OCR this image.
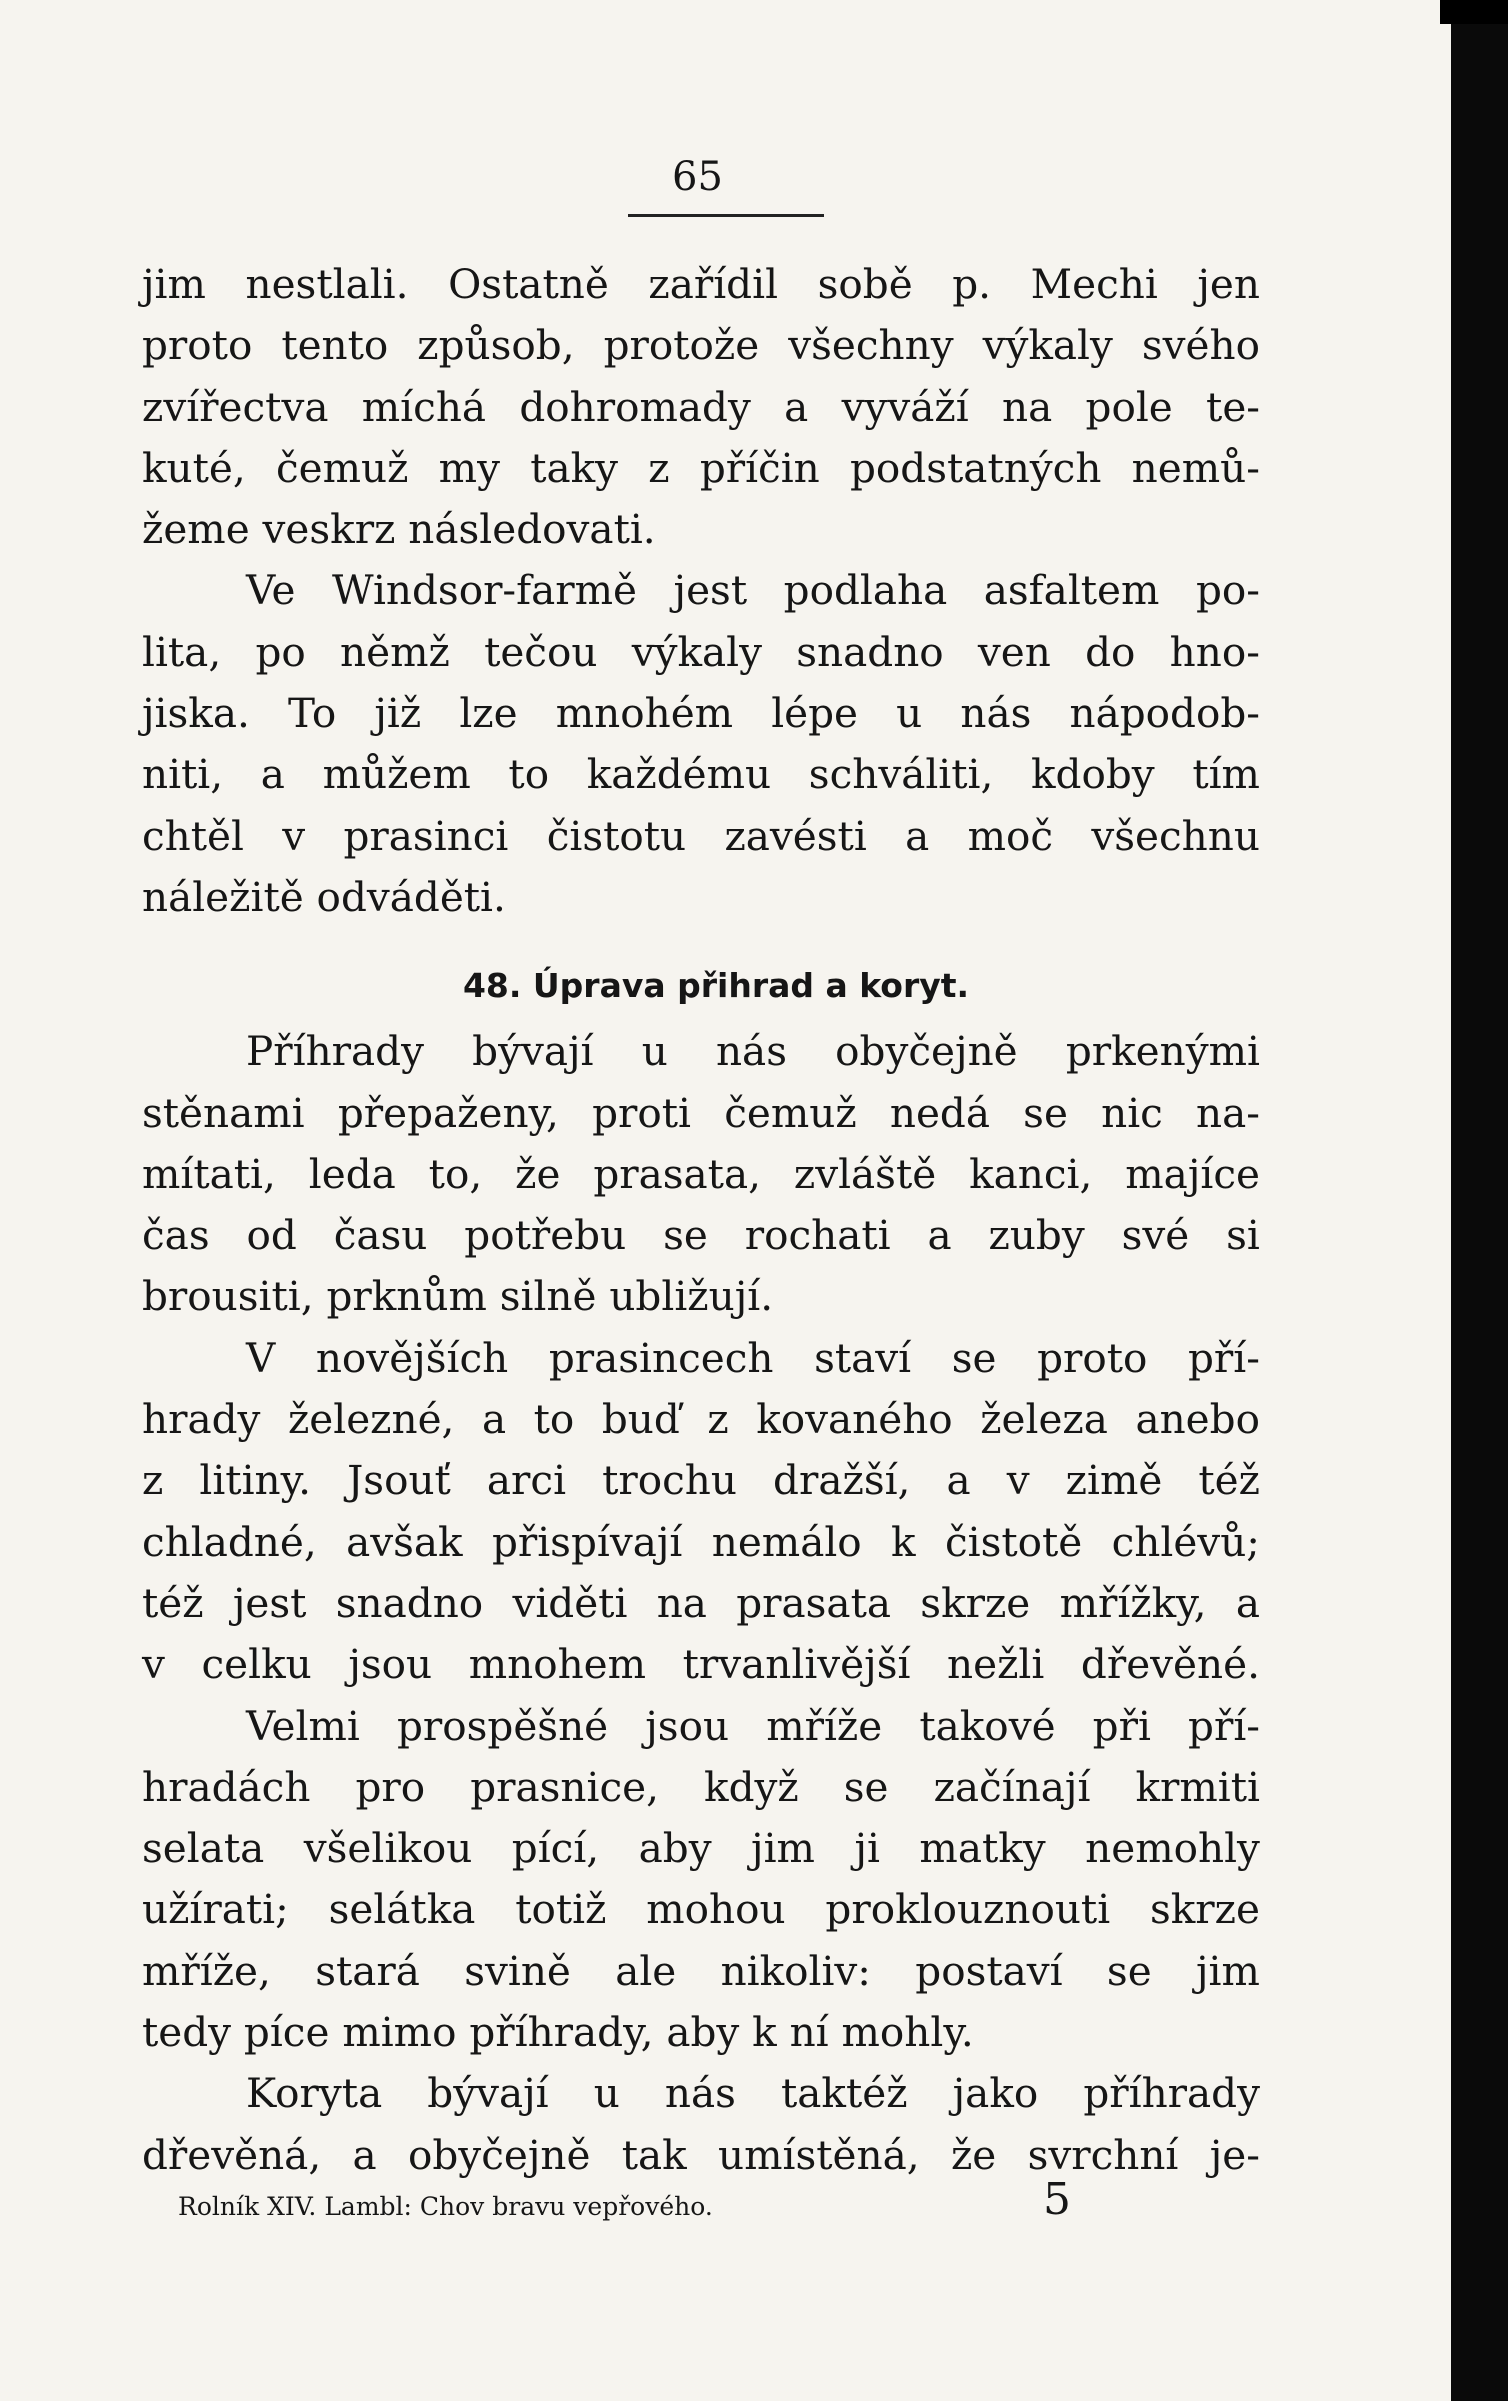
65
jim nestlali. Ostatně zařídil sobě p. Mechi jen
proto tento způsob, protože všechny výkaly svého
zvířectva míchá dohromady a vyváží na pole te-
kuté, čemuž my taky z příčin podstatných nemů-
žeme veskrz následovati.
Ve Windsor-farmě jest podlaha asfaltem po-
lita, po němž tečou výkaly snadno ven do hno-
jiska. To již lze mnohém lépe u nás nápodob-
niti, a můžem to každému schváliti, kdoby tím
chtěl v prasinci čistotu zavésti a moč všechnu
náležitě odváděti.
48. Úprava přihrad a koryt.
Příhrady bývají u nás obyčejně prkenými
stěnami přepaženy, proti čemuž nedá se nic na-
mítati, leda to, že prasata, zvláště kanci, majíce
čas od času potřebu se rochati a zuby své si
brousiti, prknům silně ubližují.
V novějších prasincech staví se proto pří-
hrady železné, a to buď z kovaného železa anebo
z litiny. Jsouť arci trochu dražší, a v zimě též
chladné, avšak přispívají nemálo k čistotě chlévů;
též jest snadno viděti na prasata skrze mřížky, a
v celku jsou mnohem trvanlivější nežli dřevěné.
Velmi prospěšné jsou mříže takové při pří-
hradách pro prasnice, když se začínají krmiti
selata všelikou pící, aby jim ji matky nemohly
užírati; selátka totiž mohou proklouznouti skrze
mříže, stará svině ale nikoliv: postaví se jim
tedy píce mimo příhrady, aby k ní mohly.
Koryta bývají u nás taktéž jako příhrady
dřevěná, a obyčejně tak umístěná, že svrchní je-
Rolník XIV. Lambl: Chov bravu vepřového.	5
